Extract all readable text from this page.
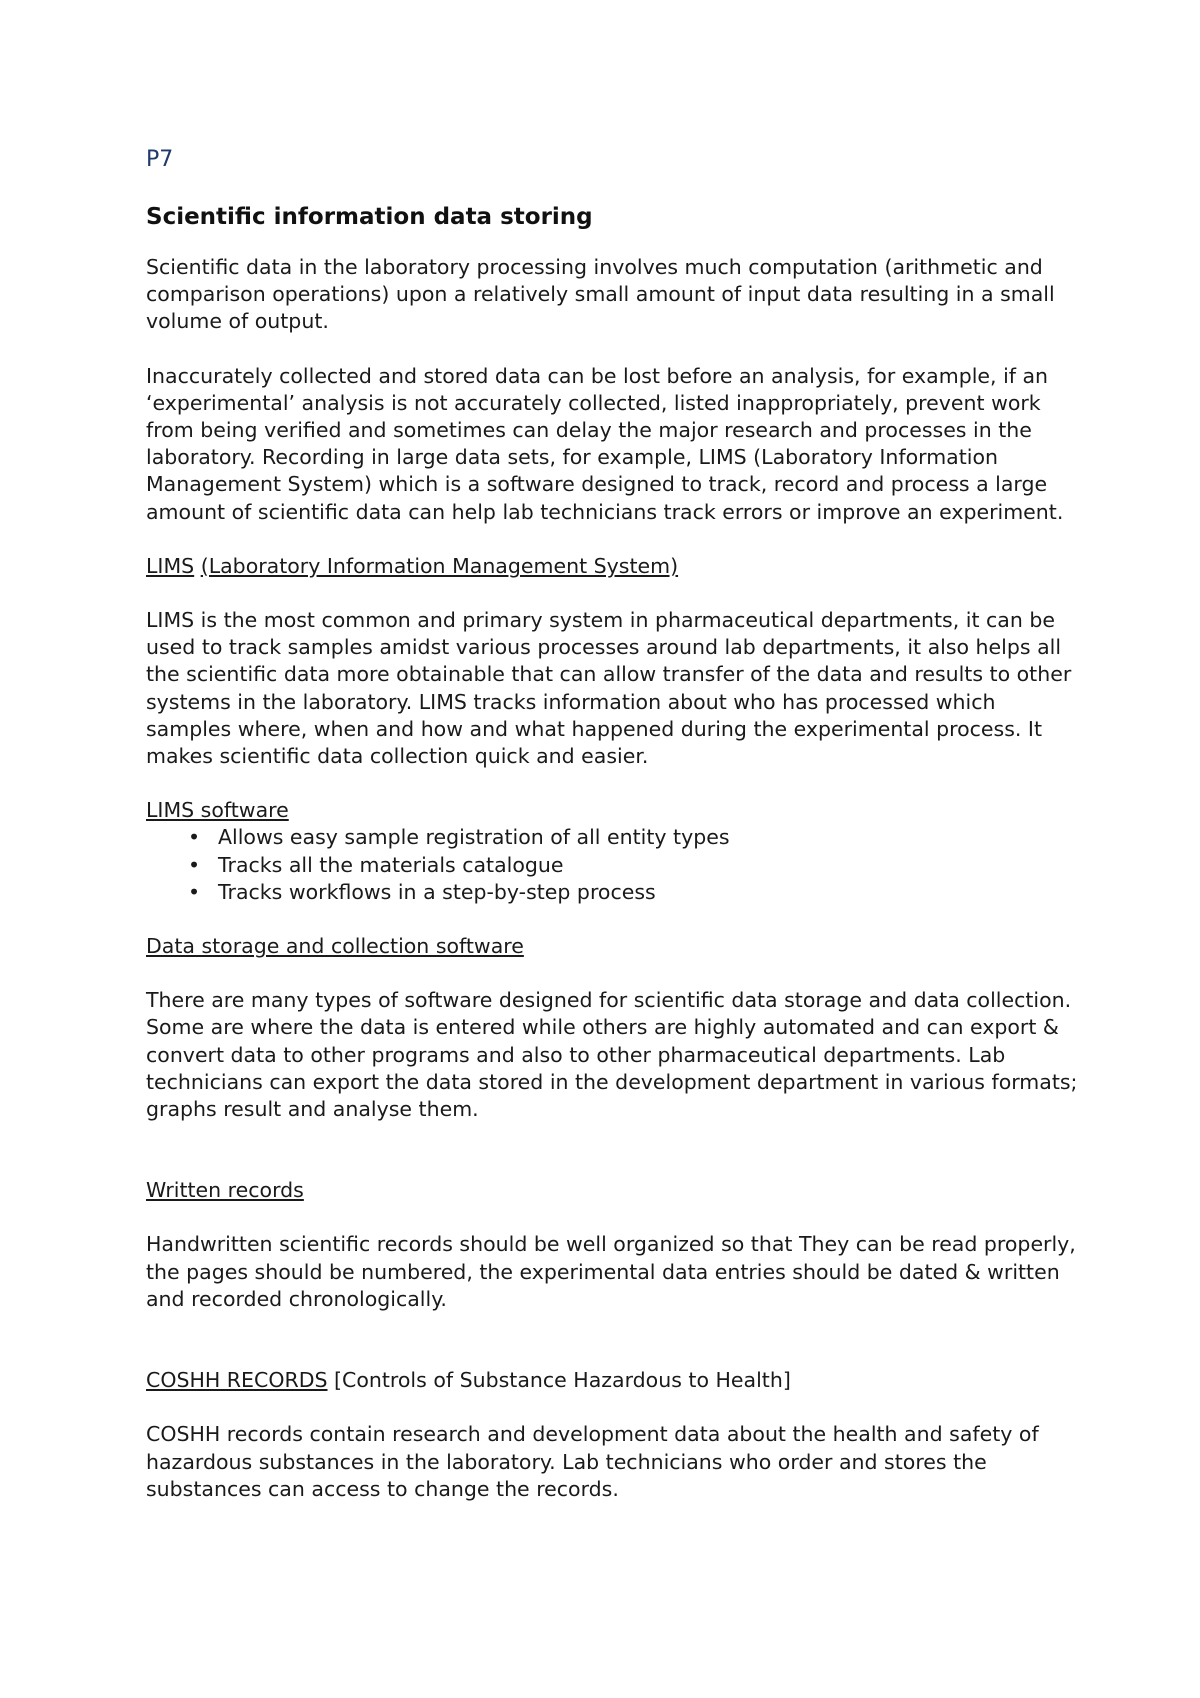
P7

Scientific information data storing

Scientific data in the laboratory processing involves much computation (arithmetic and comparison operations) upon a relatively small amount of input data resulting in a small volume of output.

Inaccurately collected and stored data can be lost before an analysis, for example, if an ‘experimental’ analysis is not accurately collected, listed inappropriately, prevent work from being verified and sometimes can delay the major research and processes in the laboratory. Recording in large data sets, for example, LIMS (Laboratory Information Management System) which is a software designed to track, record and process a large amount of scientific data can help lab technicians track errors or improve an experiment.

LIMS (Laboratory Information Management System)

LIMS is the most common and primary system in pharmaceutical departments, it can be used to track samples amidst various processes around lab departments, it also helps all the scientific data more obtainable that can allow transfer of the data and results to other systems in the laboratory. LIMS tracks information about who has processed which samples where, when and how and what happened during the experimental process. It makes scientific data collection quick and easier.

LIMS software

• Allows easy sample registration of all entity types
• Tracks all the materials catalogue
• Tracks workflows in a step-by-step process

Data storage and collection software

There are many types of software designed for scientific data storage and data collection. Some are where the data is entered while others are highly automated and can export & convert data to other programs and also to other pharmaceutical departments. Lab technicians can export the data stored in the development department in various formats; graphs result and analyse them.

Written records

Handwritten scientific records should be well organized so that They can be read properly, the pages should be numbered, the experimental data entries should be dated & written and recorded chronologically.

COSHH RECORDS [Controls of Substance Hazardous to Health]

COSHH records contain research and development data about the health and safety of hazardous substances in the laboratory. Lab technicians who order and stores the substances can access to change the records.
